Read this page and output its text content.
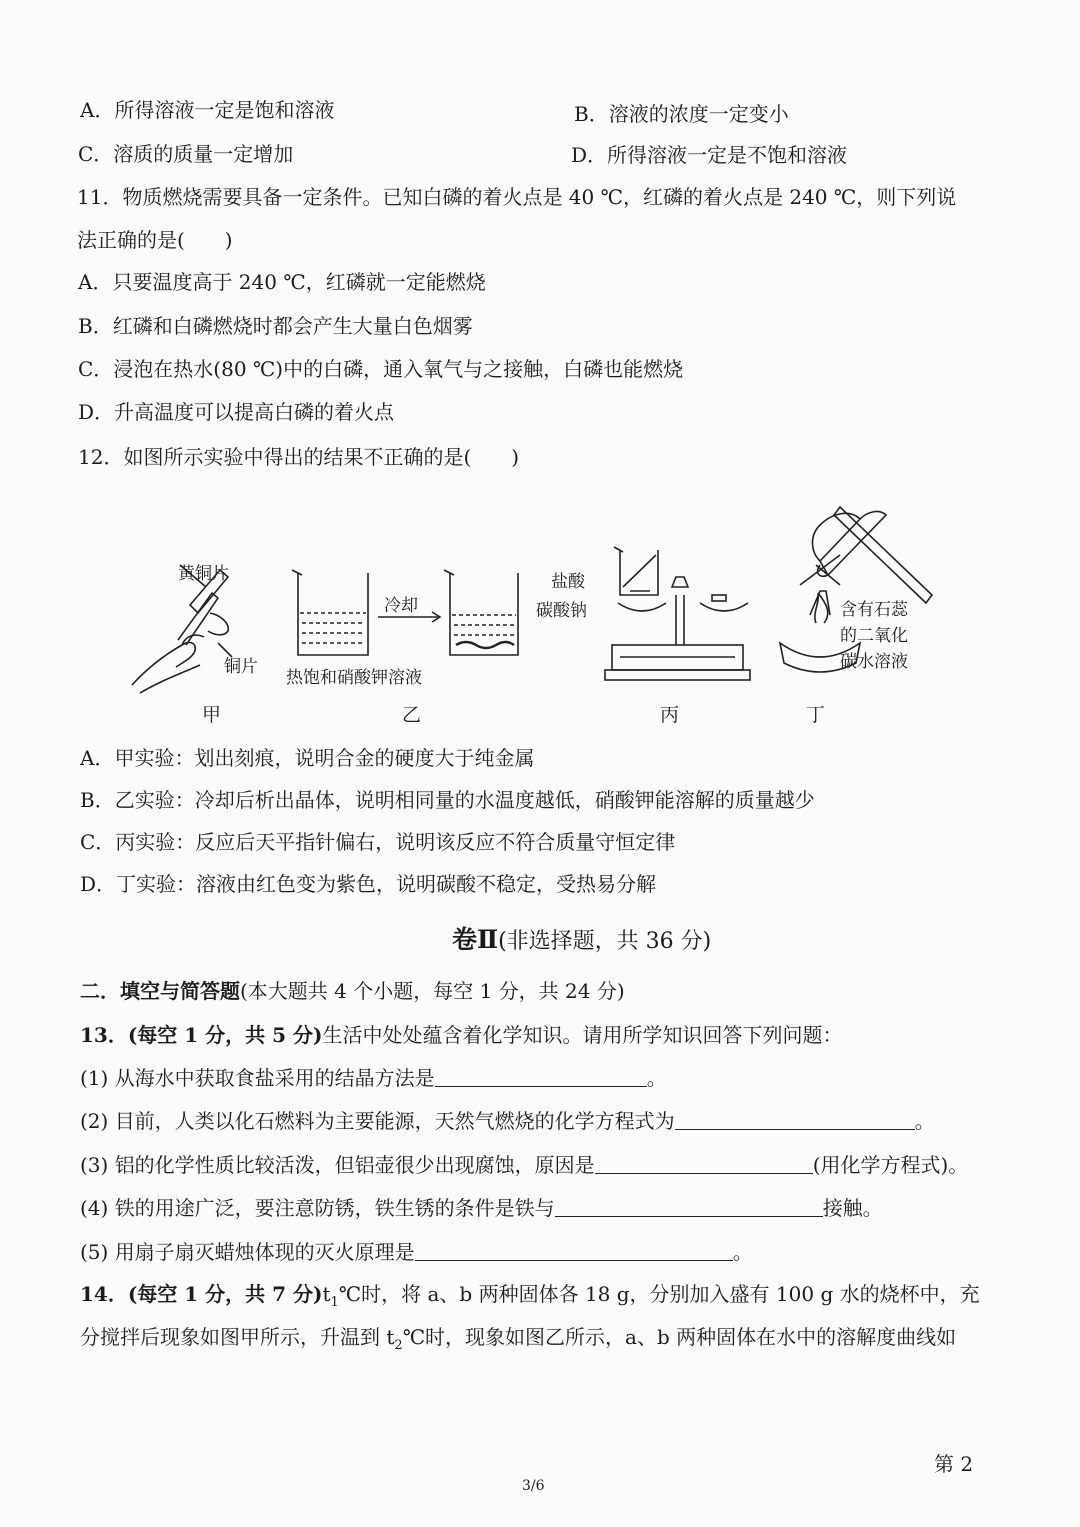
A．所得溶液一定是饱和溶液	B．溶液的浓度一定变小
C．溶质的质量一定增加	D．所得溶液一定是不饱和溶液
11．物质燃烧需要具备一定条件。已知白磷的着火点是 40 ℃，红磷的着火点是 240 ℃，则下列说
法正确的是(　　)
A．只要温度高于 240 ℃，红磷就一定能燃烧
B．红磷和白磷燃烧时都会产生大量白色烟雾
C．浸泡在热水(80 ℃)中的白磷，通入氧气与之接触，白磷也能燃烧
D．升高温度可以提高白磷的着火点
12．如图所示实验中得出的结果不正确的是(　　)
黄铜片
铜片
冷却
热饱和硝酸钾溶液
盐酸
碳酸钠	含有石蕊
的二氧化
碳水溶液
甲	乙	丙	丁
A．甲实验：划出刻痕，说明合金的硬度大于纯金属
B．乙实验：冷却后析出晶体，说明相同量的水温度越低，硝酸钾能溶解的质量越少
C．丙实验：反应后天平指针偏右，说明该反应不符合质量守恒定律
D．丁实验：溶液由红色变为紫色，说明碳酸不稳定，受热易分解
卷Ⅱ(非选择题，共 36 分)
二．填空与简答题(本大题共 4 个小题，每空 1 分，共 24 分)
13．(每空 1 分，共 5 分)生活中处处蕴含着化学知识。请用所学知识回答下列问题：
(1) 从海水中获取食盐采用的结晶方法是	。
(2) 目前，人类以化石燃料为主要能源，天然气燃烧的化学方程式为	。
(3) 铝的化学性质比较活泼，但铝壶很少出现腐蚀，原因是	(用化学方程式)。
(4) 铁的用途广泛，要注意防锈，铁生锈的条件是铁与	接触。
(5) 用扇子扇灭蜡烛体现的灭火原理是	。
14．(每空 1 分，共 7 分)$t_1℃$时，将 a、b 两种固体各 18 g，分别加入盛有 100 g 水的烧杯中，充
分搅拌后现象如图甲所示，升温到 $t_2℃$时，现象如图乙所示，a、b 两种固体在水中的溶解度曲线如
3/6
第 2
